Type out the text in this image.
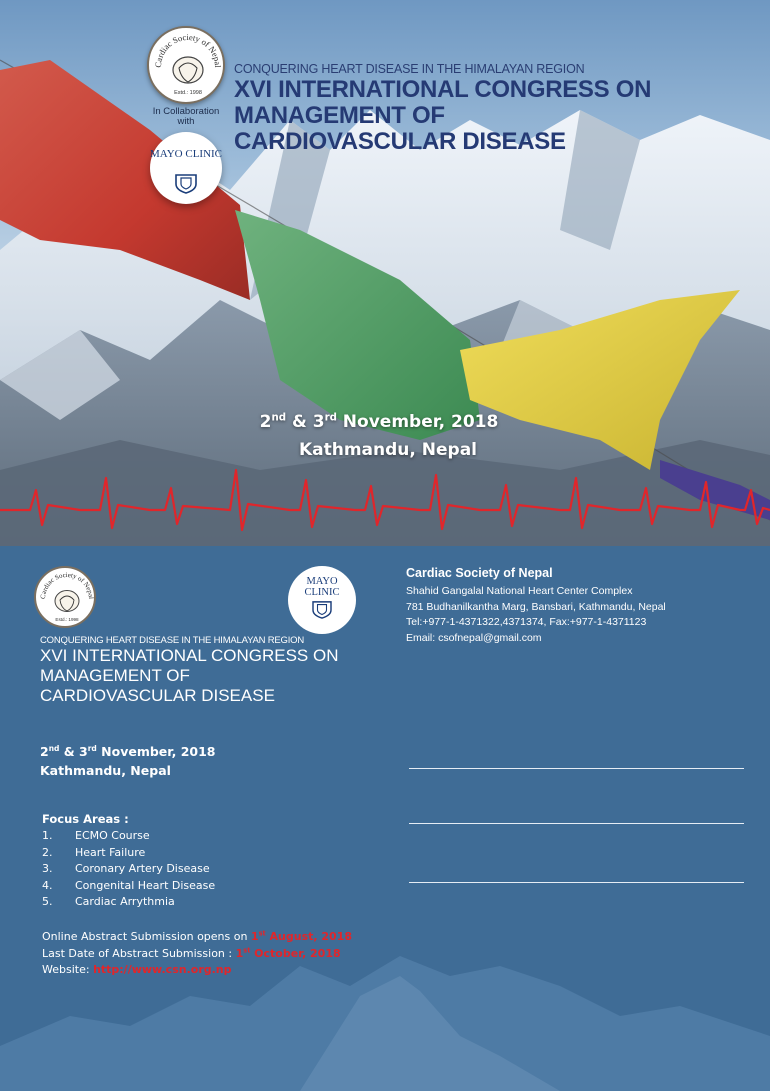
Cardiac Society of Nepal
Estd.: 1998
In Collaboration with
MAYO CLINIC
CONQUERING HEART DISEASE IN THE HIMALAYAN REGION
XVI INTERNATIONAL CONGRESS ON
MANAGEMENT OF
CARDIOVASCULAR DISEASE
2nd & 3rd November, 2018
Kathmandu, Nepal
Cardiac Society of Nepal
Estd.: 1998
MAYO CLINIC
Cardiac Society of Nepal
Shahid Gangalal National Heart Center Complex
781 Budhanilkantha Marg, Bansbari, Kathmandu, Nepal
Tel:+977-1-4371322,4371374, Fax:+977-1-4371123
Email: csofnepal@gmail.com
CONQUERING HEART DISEASE IN THE HIMALAYAN REGION
XVI INTERNATIONAL CONGRESS ON
MANAGEMENT OF
CARDIOVASCULAR DISEASE
2nd & 3rd November, 2018
Kathmandu, Nepal
Focus Areas :
1.	ECMO Course
2.	Heart Failure
3.	Coronary Artery Disease
4.	Congenital Heart Disease
5.	Cardiac Arrythmia
Online Abstract Submission opens on 1st August, 2018
Last Date of Abstract Submission : 1st October, 2018
Website: http://www.csn.org.np
